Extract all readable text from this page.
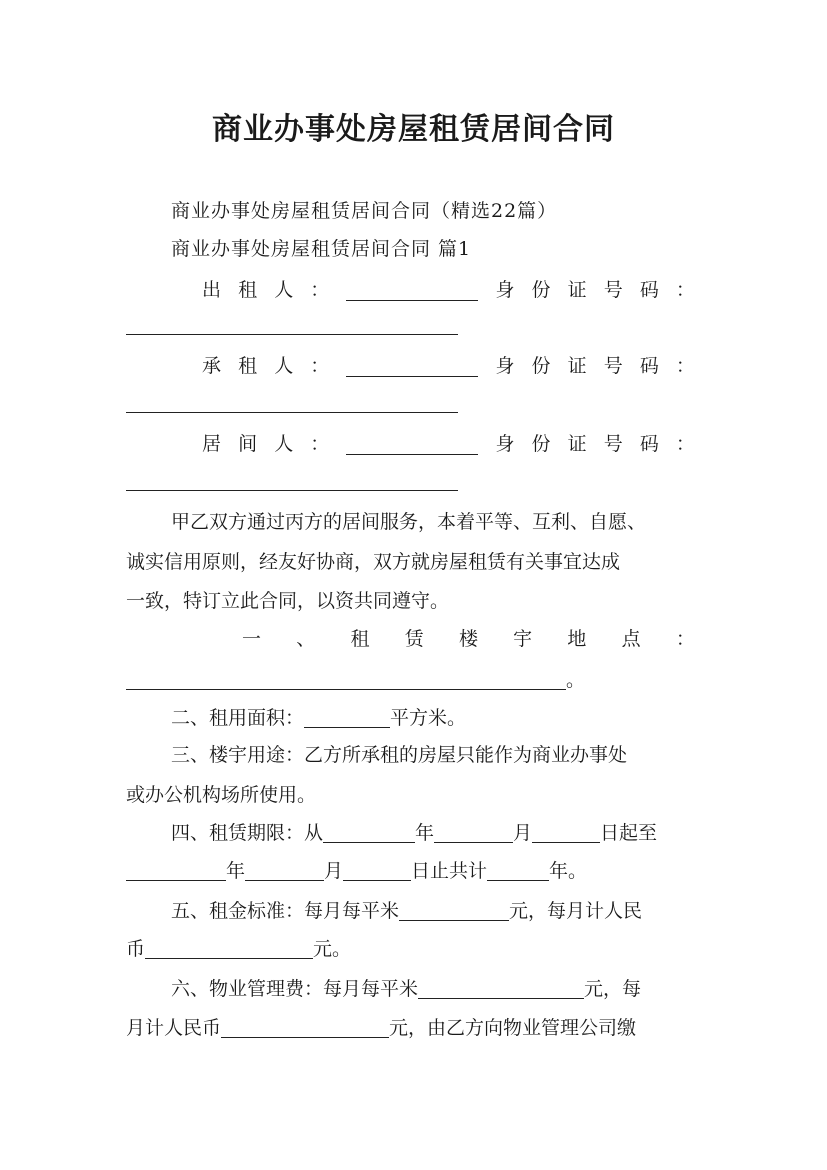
商业办事处房屋租赁居间合同
商业办事处房屋租赁居间合同（精选22篇）
商业办事处房屋租赁居间合同 篇1
出 租 人 ：	身 份 证 号 码 ：
承 租 人 ：	身 份 证 号 码 ：
居 间 人 ：	身 份 证 号 码 ：
甲乙双方通过丙方的居间服务，本着平等、互利、自愿、
诚实信用原则，经友好协商，双方就房屋租赁有关事宜达成
一致，特订立此合同，以资共同遵守。
一 、 租 赁 楼 宇 地 点 ：
。
二、租用面积：	平方米。
三、楼宇用途：乙方所承租的房屋只能作为商业办事处
或办公机构场所使用。
四、租赁期限：从	年	月	日起至
年	月	日止共计	年。
五、租金标准：每月每平米	元，每月计人民
币	元。
六、物业管理费：每月每平米	元，每
月计人民币	元，由乙方向物业管理公司缴
